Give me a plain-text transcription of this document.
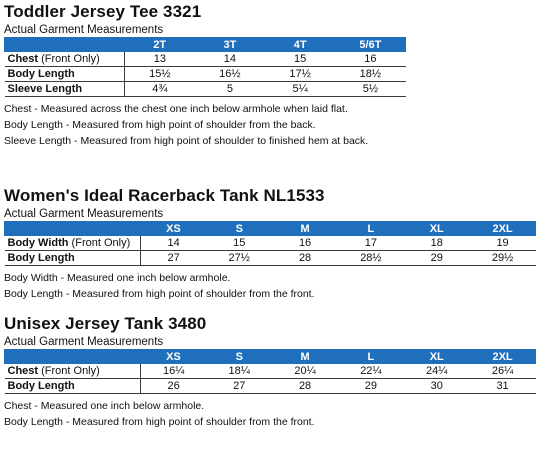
Toddler Jersey Tee 3321
Actual Garment Measurements
	2T	3T	4T	5/6T
Chest (Front Only)	13	14	15	16
Body Length	15½	16½	17½	18½
Sleeve Length	4¾	5	5¼	5½
Chest - Measured across the chest one inch below armhole when laid flat.
Body Length - Measured from high point of shoulder from the back.
Sleeve Length - Measured from high point of shoulder to finished hem at back.
Women's Ideal Racerback Tank NL1533
Actual Garment Measurements
	XS	S	M	L	XL	2XL
Body Width (Front Only)	14	15	16	17	18	19
Body Length	27	27½	28	28½	29	29½
Body Width - Measured one inch below armhole.
Body Length - Measured from high point of shoulder from the front.
Unisex Jersey Tank 3480
Actual Garment Measurements
	XS	S	M	L	XL	2XL
Chest (Front Only)	16¼	18¼	20¼	22¼	24¼	26¼
Body Length	26	27	28	29	30	31
Chest - Measured one inch below armhole.
Body Length - Measured from high point of shoulder from the front.
